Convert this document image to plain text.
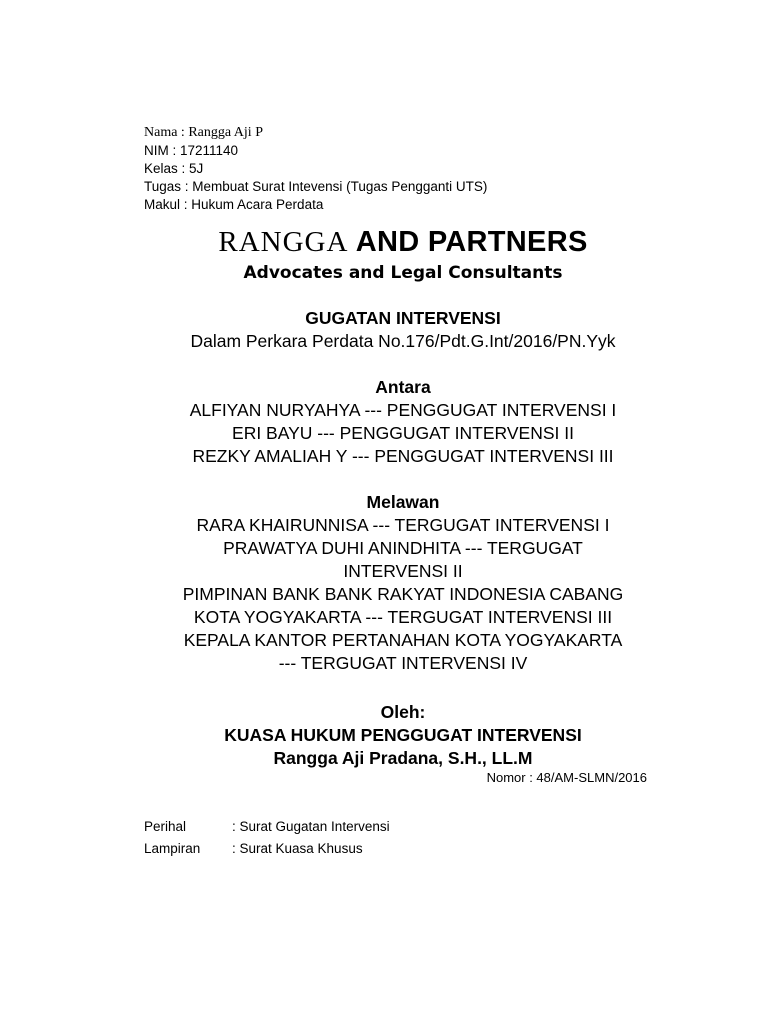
Nama : Rangga Aji P
NIM : 17211140
Kelas : 5J
Tugas : Membuat Surat Intevensi (Tugas Pengganti UTS)
Makul : Hukum Acara Perdata
RANGGA AND PARTNERS
Advocates and Legal Consultants
GUGATAN INTERVENSI
Dalam Perkara Perdata No.176/Pdt.G.Int/2016/PN.Yyk
Antara
ALFIYAN NURYAHYA --- PENGGUGAT INTERVENSI I
ERI BAYU --- PENGGUGAT INTERVENSI II
REZKY AMALIAH Y --- PENGGUGAT INTERVENSI III
Melawan
RARA KHAIRUNNISA --- TERGUGAT INTERVENSI I
PRAWATYA DUHI ANINDHITA --- TERGUGAT
INTERVENSI II
PIMPINAN BANK BANK RAKYAT INDONESIA CABANG
KOTA YOGYAKARTA --- TERGUGAT INTERVENSI III
KEPALA KANTOR PERTANAHAN KOTA YOGYAKARTA
--- TERGUGAT INTERVENSI IV
Oleh:
KUASA HUKUM PENGGUGAT INTERVENSI
Rangga Aji Pradana, S.H., LL.M
Nomor : 48/AM-SLMN/2016
Perihal	: Surat Gugatan Intervensi
Lampiran	: Surat Kuasa Khusus
